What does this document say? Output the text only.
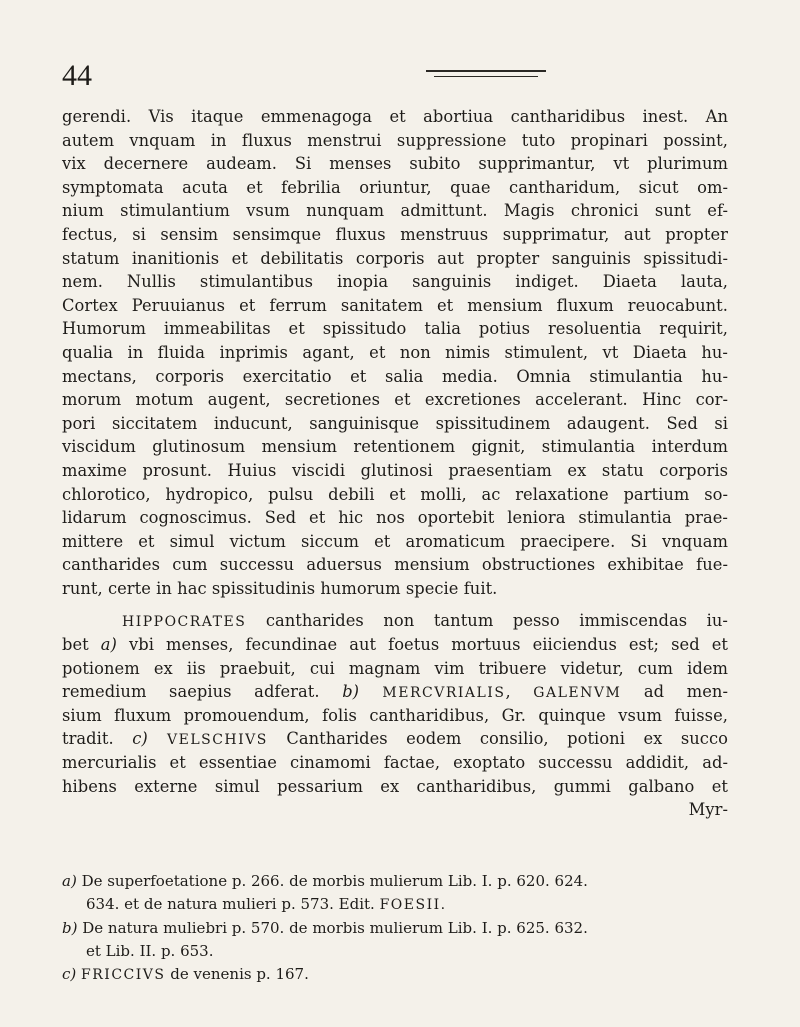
44
gerendi. Vis itaque emmenagoga et abortiua cantharidibus inest. An
autem vnquam in fluxus menstrui suppressione tuto propinari possint,
vix decernere audeam. Si menses subito supprimantur, vt plurimum
symptomata acuta et febrilia oriuntur, quae cantharidum, sicut om-
nium stimulantium vsum nunquam admittunt. Magis chronici sunt ef-
fectus, si sensim sensimque fluxus menstruus supprimatur, aut propter
statum inanitionis et debilitatis corporis aut propter sanguinis spissitudi-
nem. Nullis stimulantibus inopia sanguinis indiget. Diaeta lauta,
Cortex Peruuianus et ferrum sanitatem et mensium fluxum reuocabunt.
Humorum immeabilitas et spissitudo talia potius resoluentia requirit,
qualia in fluida inprimis agant, et non nimis stimulent, vt Diaeta hu-
mectans, corporis exercitatio et salia media. Omnia stimulantia hu-
morum motum augent, secretiones et excretiones accelerant. Hinc cor-
pori siccitatem inducunt, sanguinisque spissitudinem adaugent. Sed si
viscidum glutinosum mensium retentionem gignit, stimulantia interdum
maxime prosunt. Huius viscidi glutinosi praesentiam ex statu corporis
chlorotico, hydropico, pulsu debili et molli, ac relaxatione partium so-
lidarum cognoscimus. Sed et hic nos oportebit leniora stimulantia prae-
mittere et simul victum siccum et aromaticum praecipere. Si vnquam
cantharides cum successu aduersus mensium obstructiones exhibitae fue-
runt, certe in hac spissitudinis humorum specie fuit.
HIPPOCRATES cantharides non tantum pesso immiscendas iu-
bet a) vbi menses, fecundinae aut foetus mortuus eiiciendus est; sed et
potionem ex iis praebuit, cui magnam vim tribuere videtur, cum idem
remedium saepius adferat. b) MERCVRIALIS, GALENVM ad men-
sium fluxum promouendum, folis cantharidibus, Gr. quinque vsum fuisse,
tradit. c) VELSCHIVS Cantharides eodem consilio, potioni ex succo
mercurialis et essentiae cinamomi factae, exoptato successu addidit, ad-
hibens externe simul pessarium ex cantharidibus, gummi galbano et
Myr-
a) De superfoetatione p. 266. de morbis mulierum Lib. I. p. 620. 624.
634. et de natura mulieri p. 573. Edit. FOESII.
b) De natura muliebri p. 570. de morbis mulierum Lib. I. p. 625. 632.
et Lib. II. p. 653.
c) FRICCIVS de venenis p. 167.
